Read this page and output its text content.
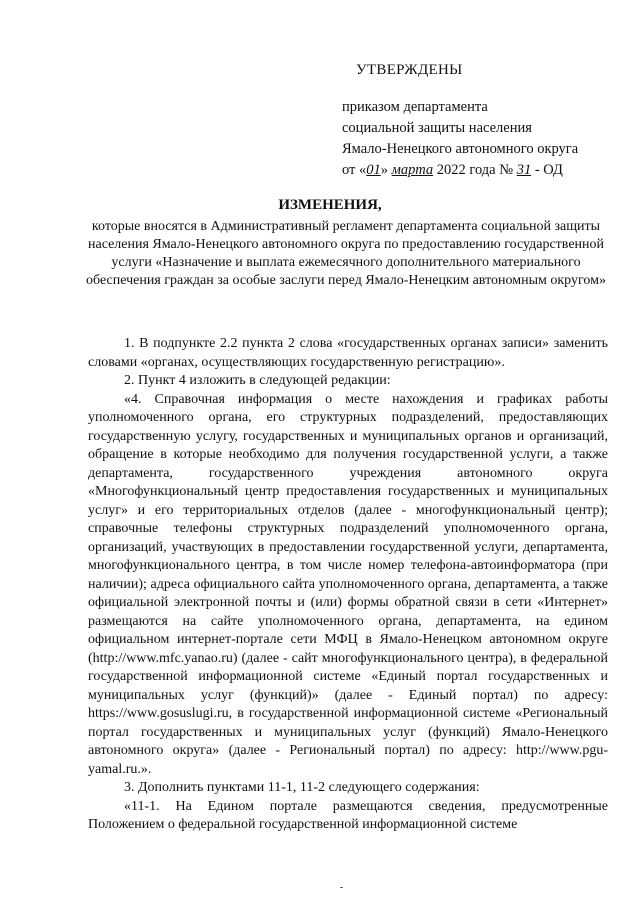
УТВЕРЖДЕНЫ
приказом департамента
социальной защиты населения
Ямало-Ненецкого автономного округа
от «01» марта 2022 года № 31 - ОД
ИЗМЕНЕНИЯ,
которые вносятся в Административный регламент департамента социальной защиты населения Ямало-Ненецкого автономного округа по предоставлению государственной услуги «Назначение и выплата ежемесячного дополнительного материального обеспечения граждан за особые заслуги перед Ямало-Ненецким автономным округом»

1. В подпункте 2.2 пункта 2 слова «государственных органах записи» заменить словами «органах, осуществляющих государственную регистрацию».

2. Пункт 4 изложить в следующей редакции:

«4. Справочная информация о месте нахождения и графиках работы уполномоченного органа, его структурных подразделений, предоставляющих государственную услугу, государственных и муниципальных органов и организаций, обращение в которые необходимо для получения государственной услуги, а также департамента, государственного учреждения автономного округа «Многофункциональный центр предоставления государственных и муниципальных услуг» и его территориальных отделов (далее - многофункциональный центр); справочные телефоны структурных подразделений уполномоченного органа, организаций, участвующих в предоставлении государственной услуги, департамента, многофункционального центра, в том числе номер телефона-автоинформатора (при наличии); адреса официального сайта уполномоченного органа, департамента, а также официальной электронной почты и (или) формы обратной связи в сети «Интернет» размещаются на сайте уполномоченного органа, департамента, на едином официальном интернет-портале сети МФЦ в Ямало-Ненецком автономном округе (http://www.mfc.yanao.ru) (далее - сайт многофункционального центра), в федеральной государственной информационной системе «Единый портал государственных и муниципальных услуг (функций)» (далее - Единый портал) по адресу: https://www.gosuslugi.ru, в государственной информационной системе «Региональный портал государственных и муниципальных услуг (функций) Ямало-Ненецкого автономного округа» (далее - Региональный портал) по адресу: http://www.pgu-yamal.ru.».

3. Дополнить пунктами 11-1, 11-2 следующего содержания:

«11-1. На Едином портале размещаются сведения, предусмотренные Положением о федеральной государственной информационной системе
